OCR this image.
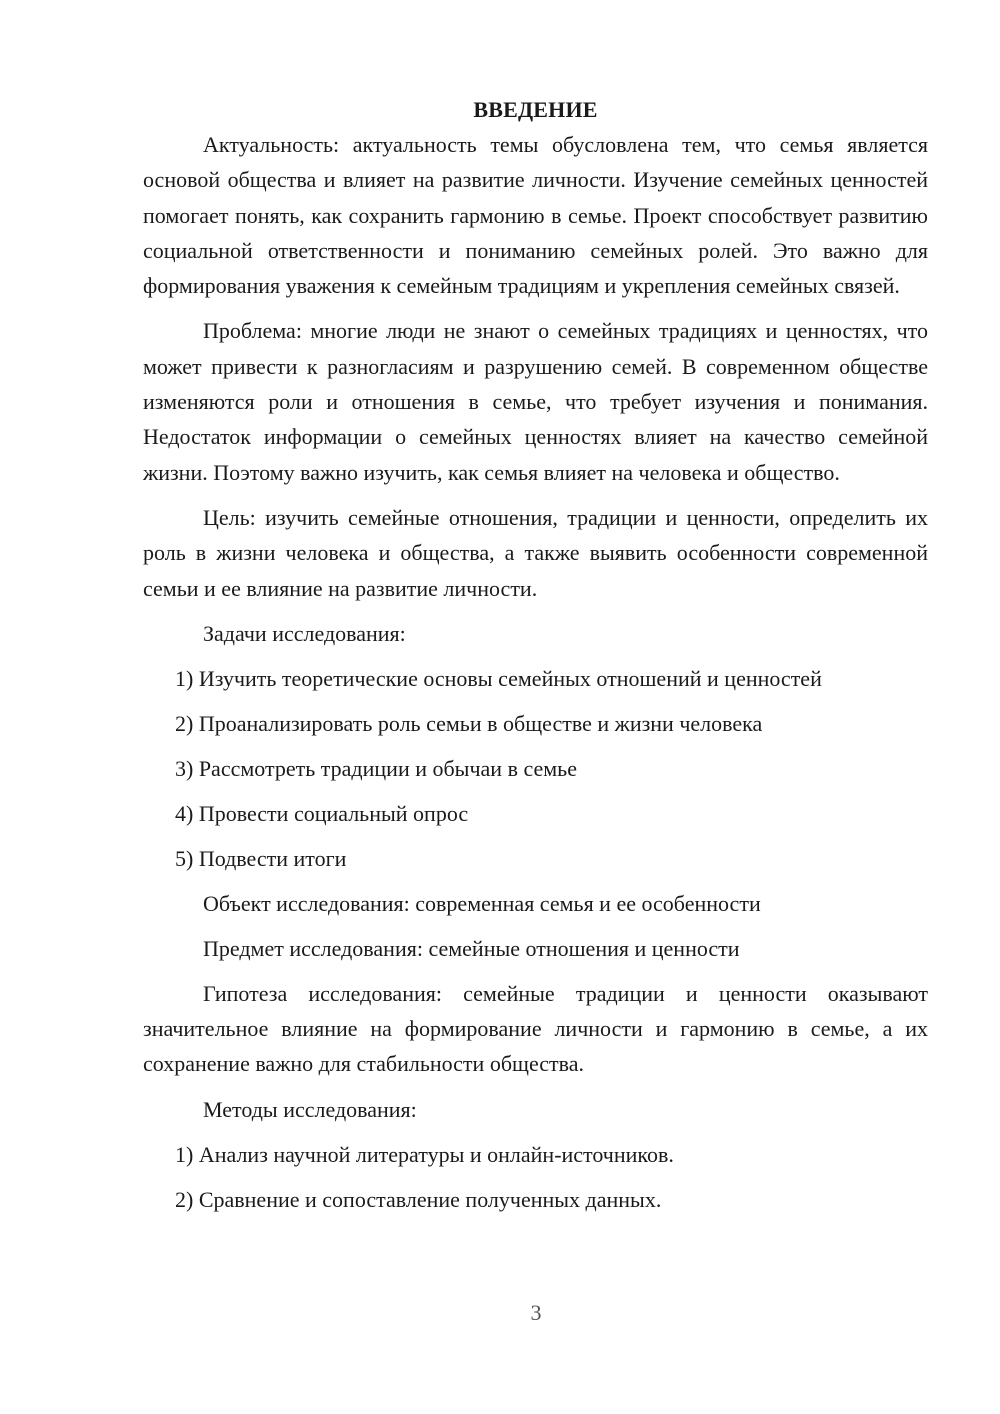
ВВЕДЕНИЕ

Актуальность: актуальность темы обусловлена тем, что семья является основой общества и влияет на развитие личности. Изучение семейных ценностей помогает понять, как сохранить гармонию в семье. Проект способствует развитию социальной ответственности и пониманию семейных ролей. Это важно для формирования уважения к семейным традициям и укрепления семейных связей.

Проблема: многие люди не знают о семейных традициях и ценностях, что может привести к разногласиям и разрушению семей. В современном обществе изменяются роли и отношения в семье, что требует изучения и понимания. Недостаток информации о семейных ценностях влияет на качество семейной жизни. Поэтому важно изучить, как семья влияет на человека и общество.

Цель: изучить семейные отношения, традиции и ценности, определить их роль в жизни человека и общества, а также выявить особенности современной семьи и ее влияние на развитие личности.

Задачи исследования:

1) Изучить теоретические основы семейных отношений и ценностей

2) Проанализировать роль семьи в обществе и жизни человека

3) Рассмотреть традиции и обычаи в семье

4) Провести социальный опрос

5) Подвести итоги

Объект исследования: современная семья и ее особенности

Предмет исследования: семейные отношения и ценности

Гипотеза исследования: семейные традиции и ценности оказывают значительное влияние на формирование личности и гармонию в семье, а их сохранение важно для стабильности общества.

Методы исследования:

1) Анализ научной литературы и онлайн-источников.

2) Сравнение и сопоставление полученных данных.

3
